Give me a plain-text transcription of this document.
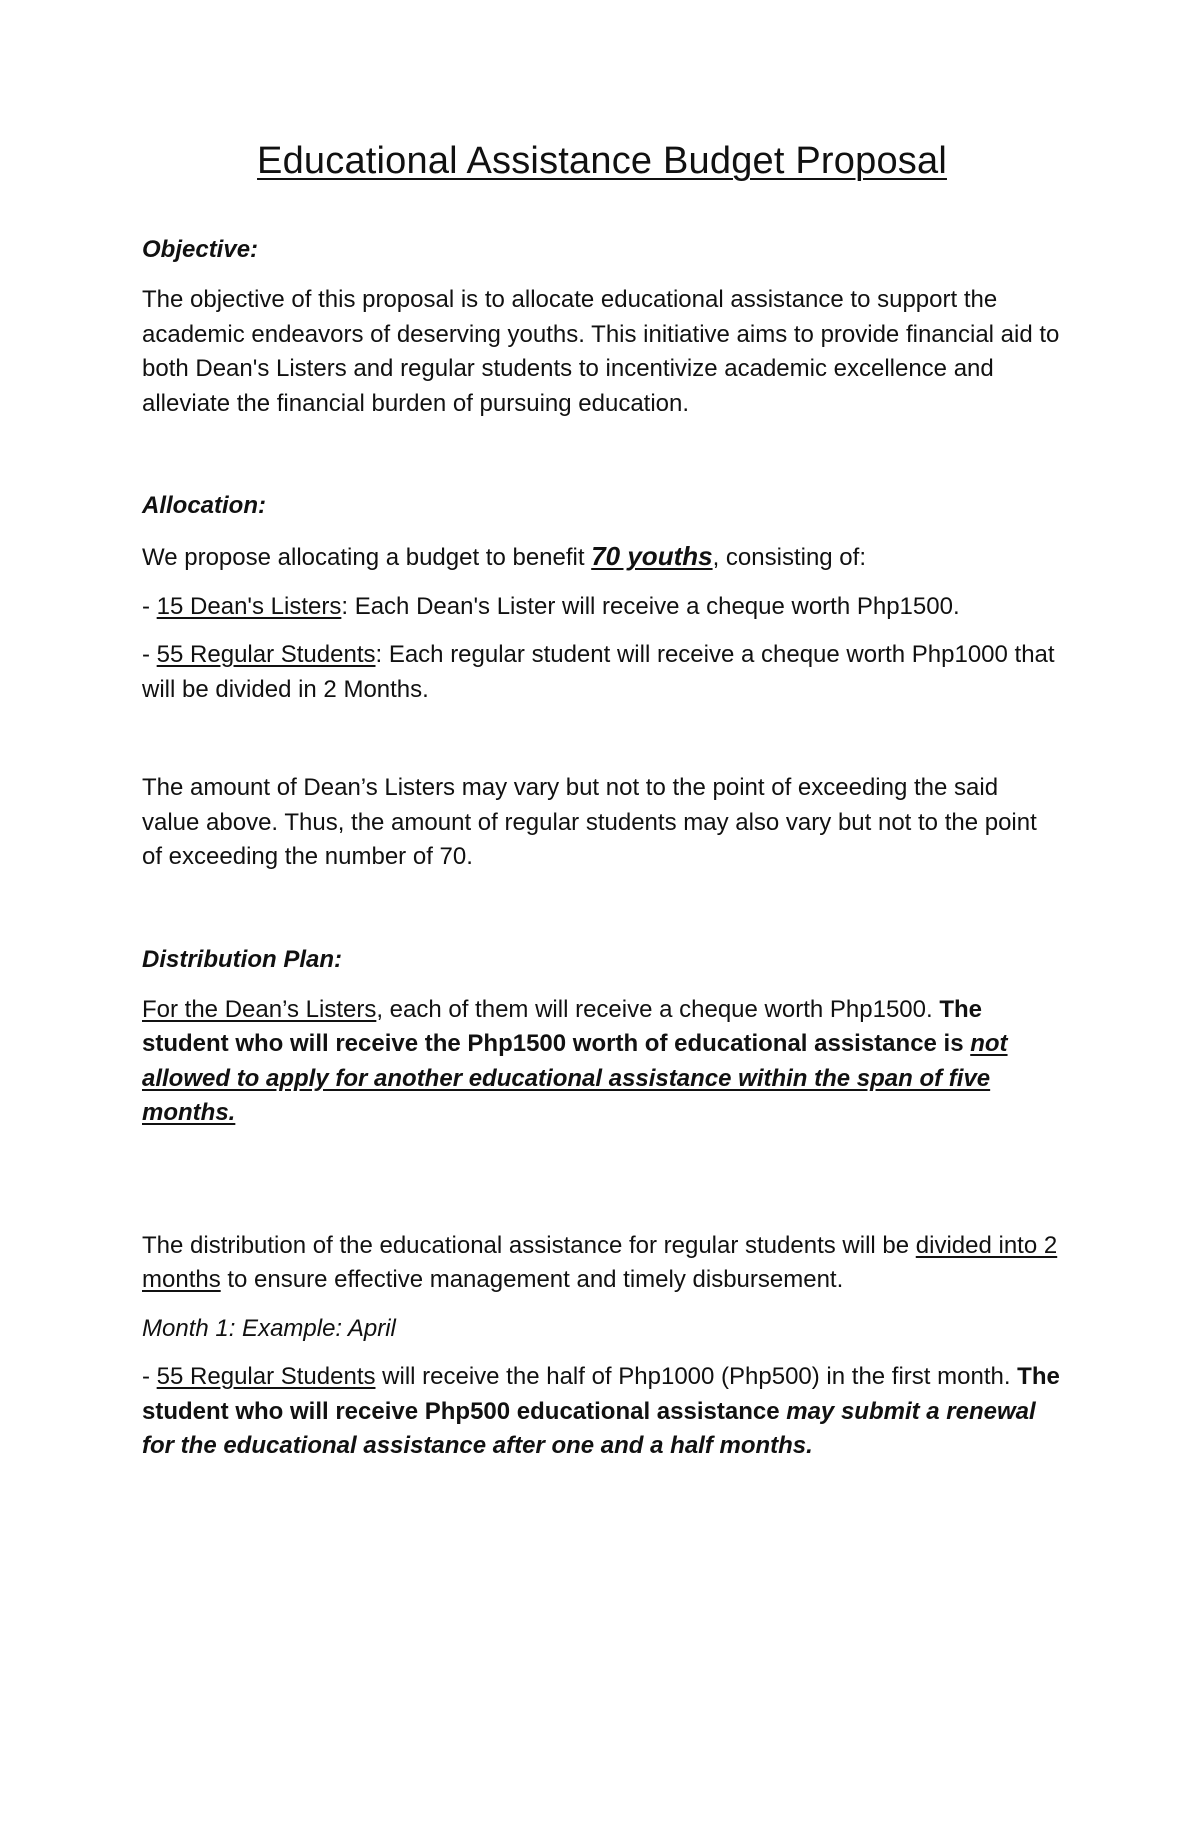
Educational Assistance Budget Proposal
Objective:

The objective of this proposal is to allocate educational assistance to support the academic endeavors of deserving youths. This initiative aims to provide financial aid to both Dean's Listers and regular students to incentivize academic excellence and alleviate the financial burden of pursuing education.

Allocation:

We propose allocating a budget to benefit 70 youths, consisting of:

- 15 Dean's Listers: Each Dean's Lister will receive a cheque worth Php1500.

- 55 Regular Students: Each regular student will receive a cheque worth Php1000 that will be divided in 2 Months.

The amount of Dean’s Listers may vary but not to the point of exceeding the said value above. Thus, the amount of regular students may also vary but not to the point of exceeding the number of 70.

Distribution Plan:

For the Dean’s Listers, each of them will receive a cheque worth Php1500. The student who will receive the Php1500 worth of educational assistance is not allowed to apply for another educational assistance within the span of five months.

The distribution of the educational assistance for regular students will be divided into 2 months to ensure effective management and timely disbursement.

Month 1: Example: April

- 55 Regular Students will receive the half of Php1000 (Php500) in the first month. The student who will receive Php500 educational assistance may submit a renewal for the educational assistance after one and a half months.
